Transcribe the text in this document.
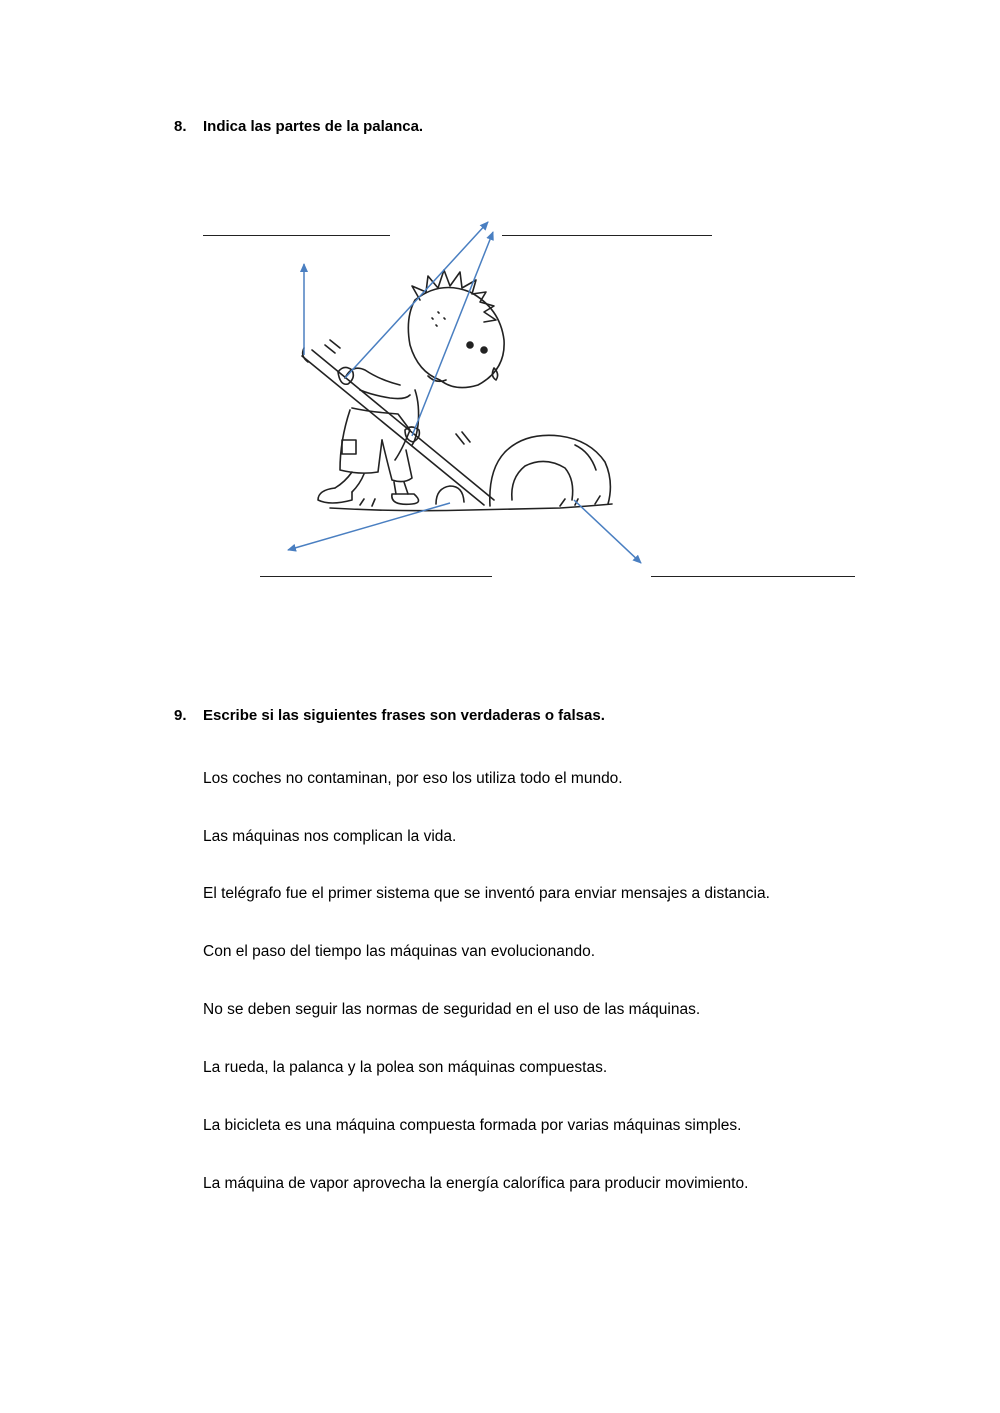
8. Indica las partes de la palanca.
9. Escribe si las siguientes frases son verdaderas o falsas.

Los coches no contaminan, por eso los utiliza todo el mundo.

Las máquinas nos complican la vida.

El telégrafo fue el primer sistema que se inventó para enviar mensajes a distancia.

Con el paso del tiempo las máquinas van evolucionando.

No se deben seguir las normas de seguridad en el uso de las máquinas.

La rueda, la palanca y la polea son máquinas compuestas.

La bicicleta es una máquina compuesta formada por varias máquinas simples.

La máquina de vapor aprovecha la energía calorífica para producir movimiento.
